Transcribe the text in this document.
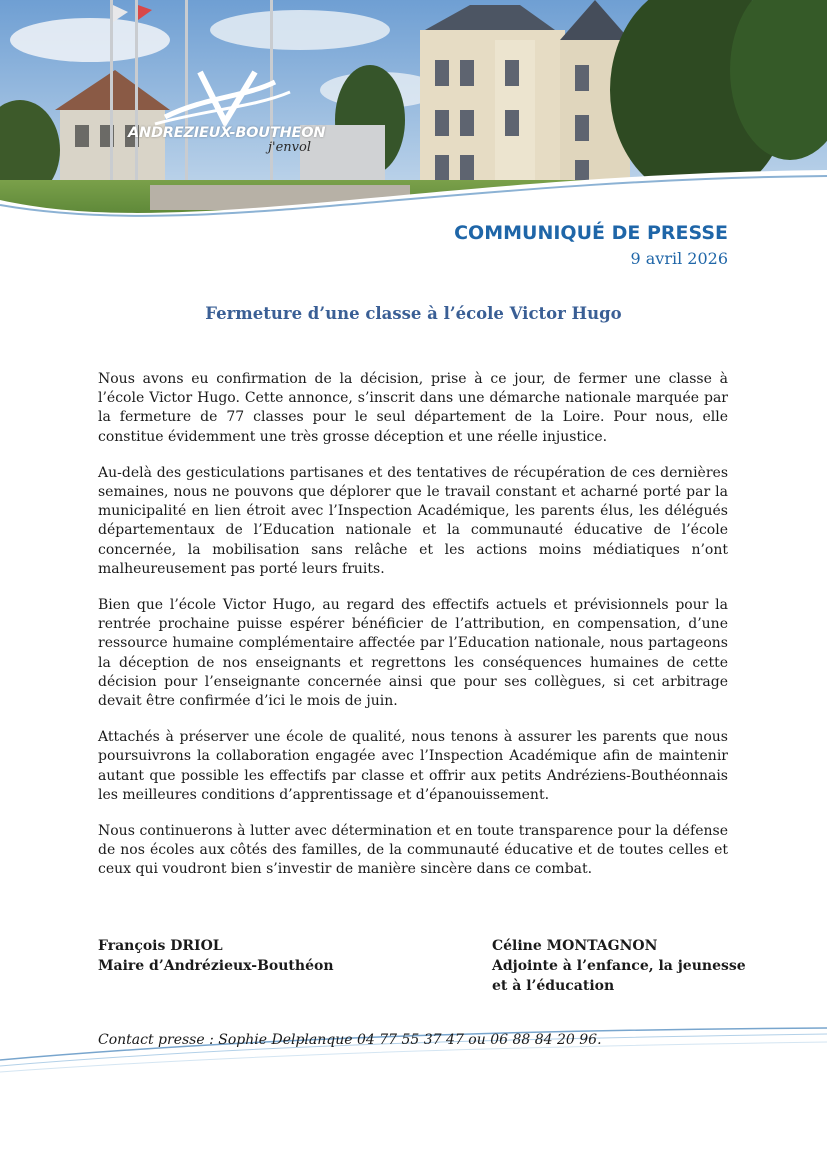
ANDREZIEUX-BOUTHEON
j'envol
COMMUNIQUÉ DE PRESSE
9 avril 2026
Fermeture d’une classe à l’école Victor Hugo

Nous avons eu confirmation de la décision, prise à ce jour, de fermer une classe à l’école Victor Hugo. Cette annonce, s’inscrit dans une démarche nationale marquée par la fermeture de 77 classes pour le seul département de la Loire. Pour nous, elle constitue évidemment une très grosse déception et une réelle injustice.

Au-delà des gesticulations partisanes et des tentatives de récupération de ces dernières semaines, nous ne pouvons que déplorer que le travail constant et acharné porté par la municipalité en lien étroit avec l’Inspection Académique, les parents élus, les délégués départementaux de l’Education nationale et la communauté éducative de l’école concernée, la mobilisation sans relâche et les actions moins médiatiques n’ont malheureusement pas porté leurs fruits.

Bien que l’école Victor Hugo, au regard des effectifs actuels et prévisionnels pour la rentrée prochaine puisse espérer bénéficier de l’attribution, en compensation, d’une ressource humaine complémentaire affectée par l’Education nationale, nous partageons la déception de nos enseignants et regrettons les conséquences humaines de cette décision pour l’enseignante concernée ainsi que pour ses collègues, si cet arbitrage devait être confirmée d’ici le mois de juin.

Attachés à préserver une école de qualité, nous tenons à assurer les parents que nous poursuivrons la collaboration engagée avec l’Inspection Académique afin de maintenir autant que possible les effectifs par classe et offrir aux petits Andréziens-Bouthéonnais les meilleures conditions d’apprentissage et d’épanouissement.

Nous continuerons à lutter avec détermination et en toute transparence pour la défense de nos écoles aux côtés des familles, de la communauté éducative et de toutes celles et ceux qui voudront bien s’investir de manière sincère dans ce combat.

François DRIOL
Maire d’Andrézieux-Bouthéon
Céline MONTAGNON
Adjointe à l’enfance, la jeunesse
et à l’éducation
Contact presse : Sophie Delplanque 04 77 55 37 47 ou 06 88 84 20 96.
